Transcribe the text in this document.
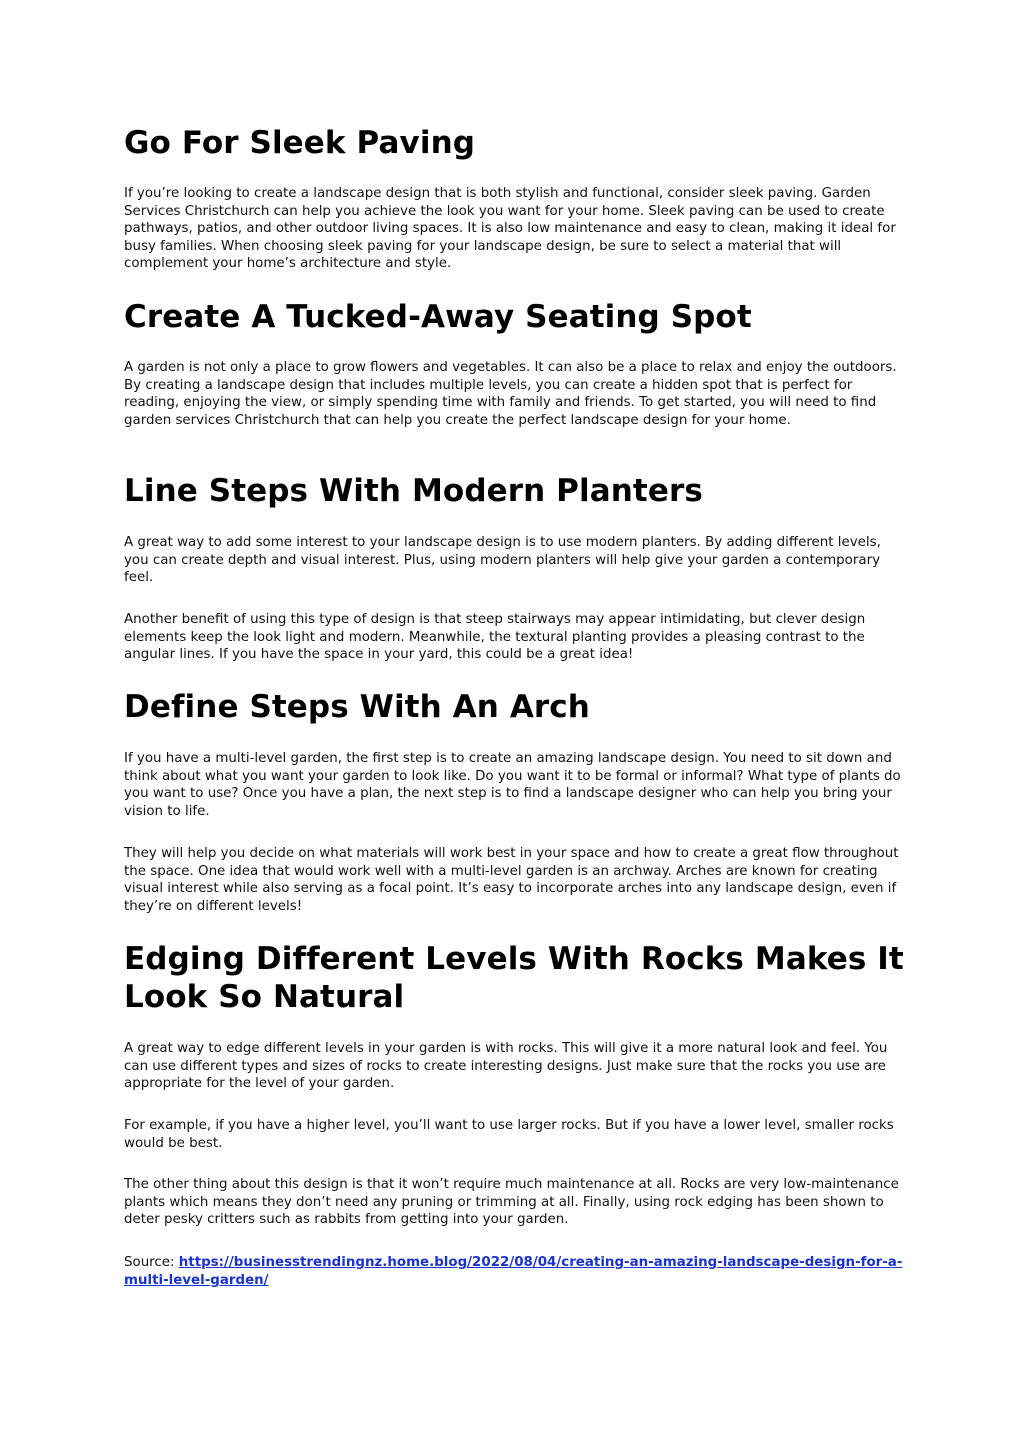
Go For Sleek Paving

If you’re looking to create a landscape design that is both stylish and functional, consider sleek paving. Garden Services Christchurch can help you achieve the look you want for your home. Sleek paving can be used to create pathways, patios, and other outdoor living spaces. It is also low maintenance and easy to clean, making it ideal for busy families. When choosing sleek paving for your landscape design, be sure to select a material that will complement your home’s architecture and style.

Create A Tucked-Away Seating Spot

A garden is not only a place to grow flowers and vegetables. It can also be a place to relax and enjoy the outdoors. By creating a landscape design that includes multiple levels, you can create a hidden spot that is perfect for reading, enjoying the view, or simply spending time with family and friends. To get started, you will need to find garden services Christchurch that can help you create the perfect landscape design for your home.

Line Steps With Modern Planters

A great way to add some interest to your landscape design is to use modern planters. By adding different levels, you can create depth and visual interest. Plus, using modern planters will help give your garden a contemporary feel.

Another benefit of using this type of design is that steep stairways may appear intimidating, but clever design elements keep the look light and modern. Meanwhile, the textural planting provides a pleasing contrast to the angular lines. If you have the space in your yard, this could be a great idea!

Define Steps With An Arch

If you have a multi-level garden, the first step is to create an amazing landscape design. You need to sit down and think about what you want your garden to look like. Do you want it to be formal or informal? What type of plants do you want to use? Once you have a plan, the next step is to find a landscape designer who can help you bring your vision to life.

They will help you decide on what materials will work best in your space and how to create a great flow throughout the space. One idea that would work well with a multi-level garden is an archway. Arches are known for creating visual interest while also serving as a focal point. It’s easy to incorporate arches into any landscape design, even if they’re on different levels!

Edging Different Levels With Rocks Makes It Look So Natural

A great way to edge different levels in your garden is with rocks. This will give it a more natural look and feel. You can use different types and sizes of rocks to create interesting designs. Just make sure that the rocks you use are appropriate for the level of your garden.

For example, if you have a higher level, you’ll want to use larger rocks. But if you have a lower level, smaller rocks would be best.

The other thing about this design is that it won’t require much maintenance at all. Rocks are very low-maintenance plants which means they don’t need any pruning or trimming at all. Finally, using rock edging has been shown to deter pesky critters such as rabbits from getting into your garden.

Source: https://businesstrendingnz.home.blog/2022/08/04/creating-an-amazing-landscape-design-for-a-multi-level-garden/
